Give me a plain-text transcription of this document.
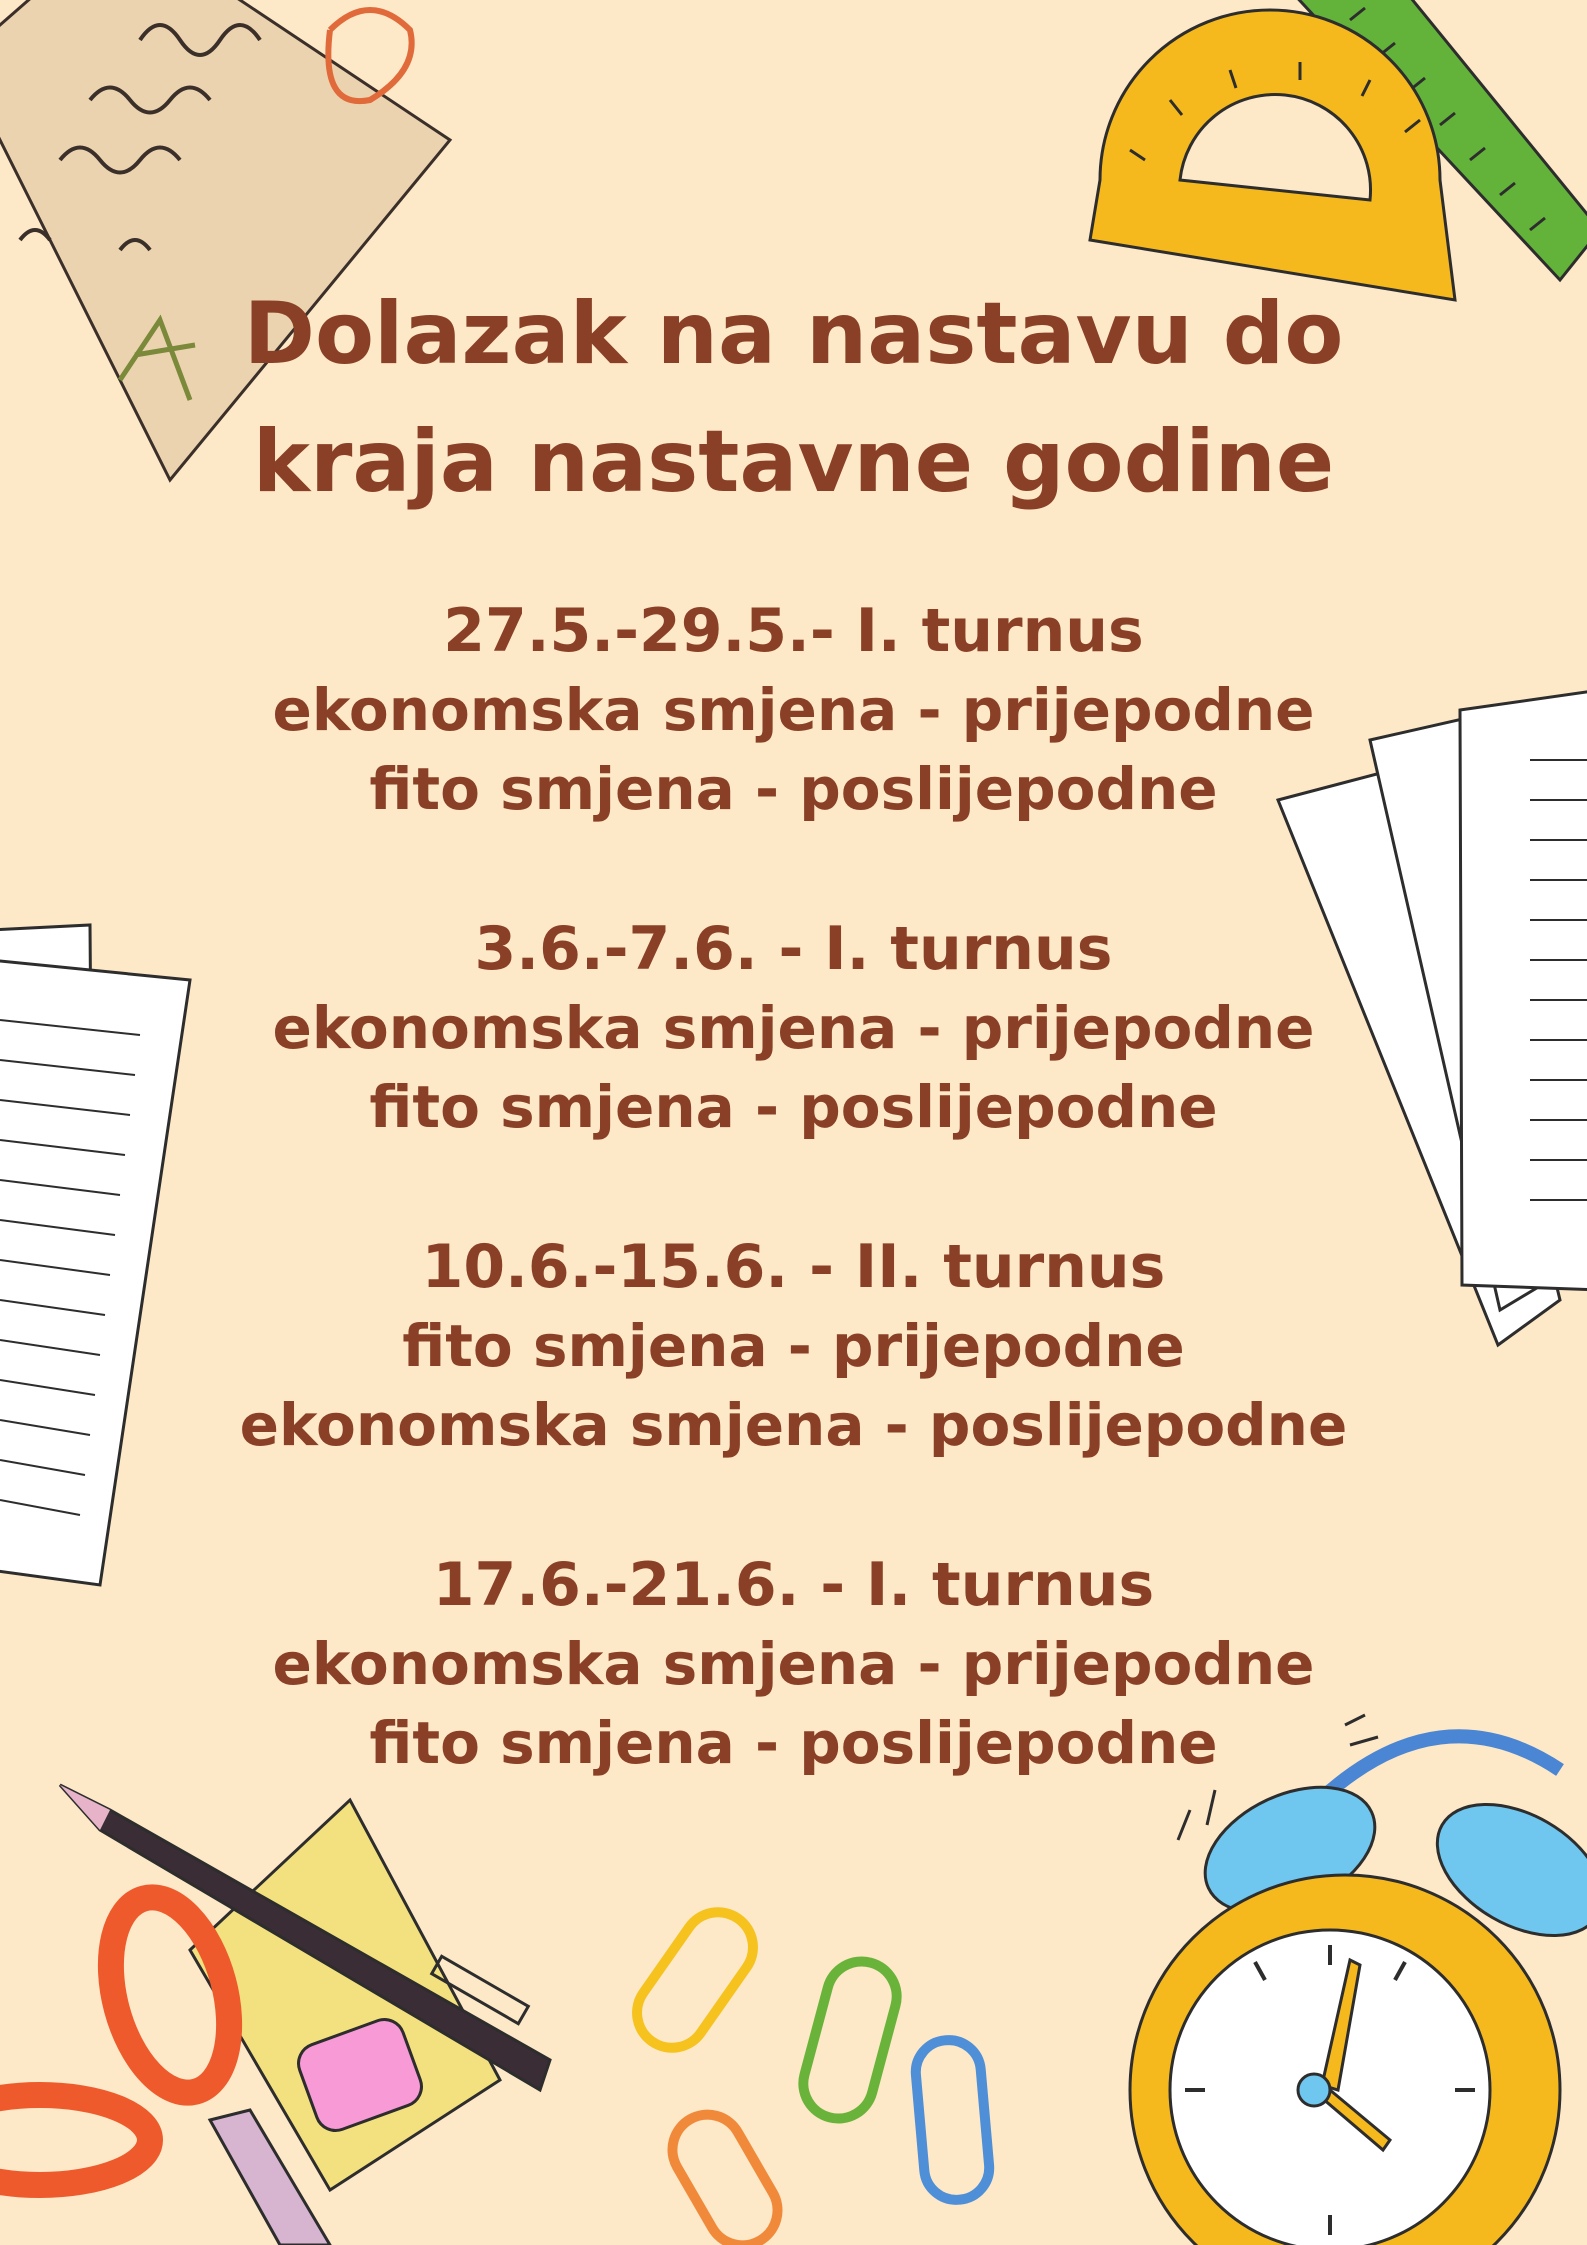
Dolazak na nastavu do
kraja nastavne godine
27.5.-29.5.- I. turnus
ekonomska smjena - prijepodne
fito smjena - poslijepodne
3.6.-7.6. - I. turnus
ekonomska smjena - prijepodne
fito smjena - poslijepodne
10.6.-15.6. - II. turnus
fito smjena - prijepodne
ekonomska smjena - poslijepodne
17.6.-21.6. - I. turnus
ekonomska smjena - prijepodne
fito smjena - poslijepodne
